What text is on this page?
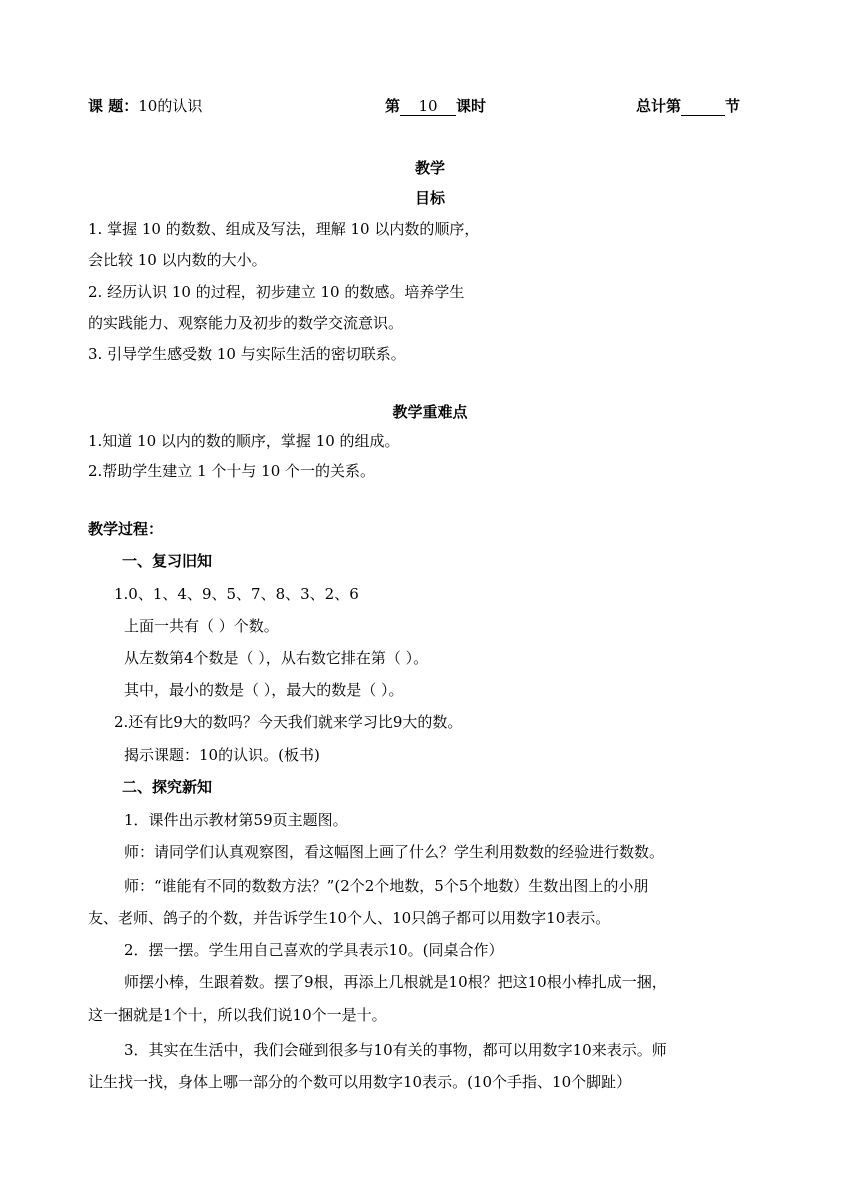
课 题：10的认识	第 10 课时	总计第	节
教学
目标
1. 掌握 10 的数数、组成及写法，理解 10 以内数的顺序，
会比较 10 以内数的大小。
2. 经历认识 10 的过程，初步建立 10 的数感。培养学生
的实践能力、观察能力及初步的数学交流意识。
3. 引导学生感受数 10 与实际生活的密切联系。
教学重难点
1.知道 10 以内的数的顺序，掌握 10 的组成。
2.帮助学生建立 1 个十与 10 个一的关系。
教学过程：
一、复习旧知
1.0、1、4、9、5、7、8、3、2、6
上面一共有（ ）个数。
从左数第4个数是（ ），从右数它排在第（ ）。
其中，最小的数是（ ），最大的数是（ ）。
2.还有比9大的数吗？今天我们就来学习比9大的数。
揭示课题：10的认识。(板书)
二、探究新知
1．课件出示教材第59页主题图。
师：请同学们认真观察图，看这幅图上画了什么？学生利用数数的经验进行数数。
师：“谁能有不同的数数方法？”(2个2个地数，5个5个地数）生数出图上的小朋
友、老师、鸽子的个数，并告诉学生10个人、10只鸽子都可以用数字10表示。
2．摆一摆。学生用自己喜欢的学具表示10。(同桌合作）
师摆小棒，生跟着数。摆了9根，再添上几根就是10根？把这10根小棒扎成一捆，
这一捆就是1个十，所以我们说10个一是十。
3．其实在生活中，我们会碰到很多与10有关的事物，都可以用数字10来表示。师
让生找一找，身体上哪一部分的个数可以用数字10表示。(10个手指、10个脚趾）
